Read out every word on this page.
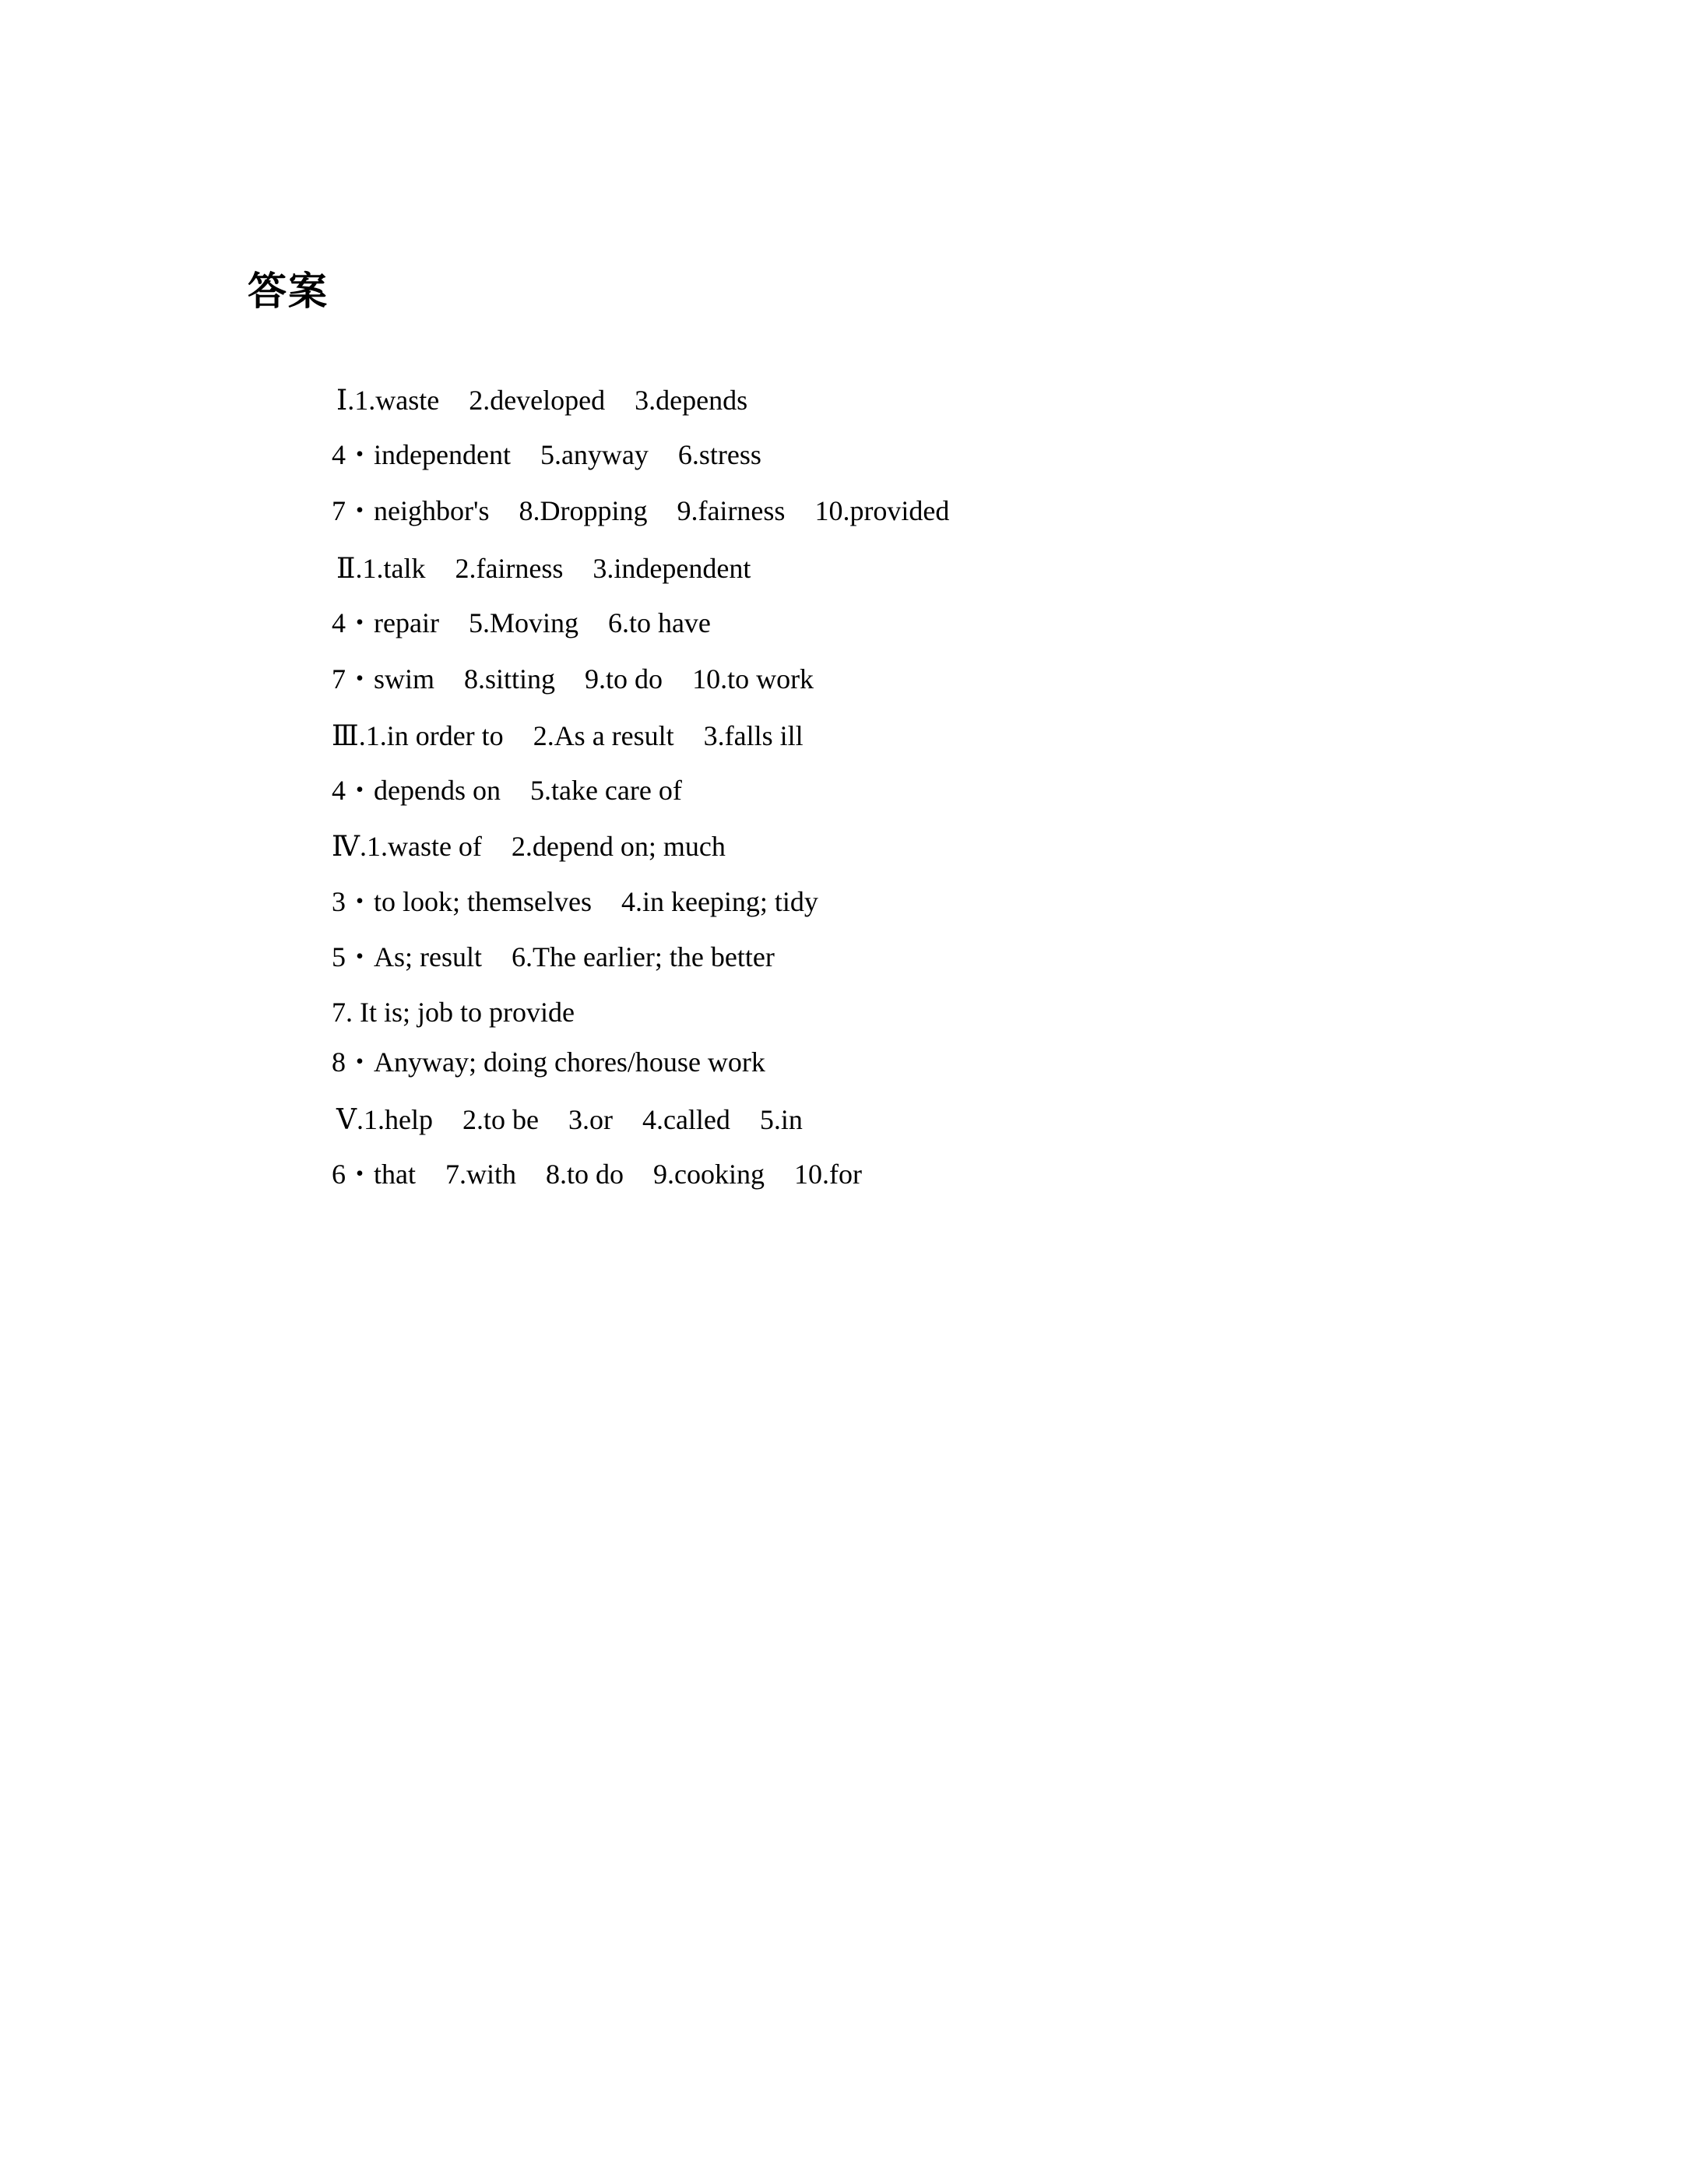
答案

Ⅰ.1.waste 2.developed 3.depends

4・independent 5.anyway 6.stress

7・neighbor's 8.Dropping 9.fairness 10.provided

Ⅱ.1.talk 2.fairness 3.independent

4・repair 5.Moving 6.to have

7・swim 8.sitting 9.to do 10.to work

Ⅲ.1.in order to 2.As a result 3.falls ill

4・depends on 5.take care of

Ⅳ.1.waste of 2.depend on; much

3・to look; themselves 4.in keeping; tidy

5・As; result 6.The earlier; the better

7. It is; job to provide

8・Anyway; doing chores/house work

Ⅴ.1.help 2.to be 3.or 4.called 5.in

6・that 7.with 8.to do 9.cooking 10.for
